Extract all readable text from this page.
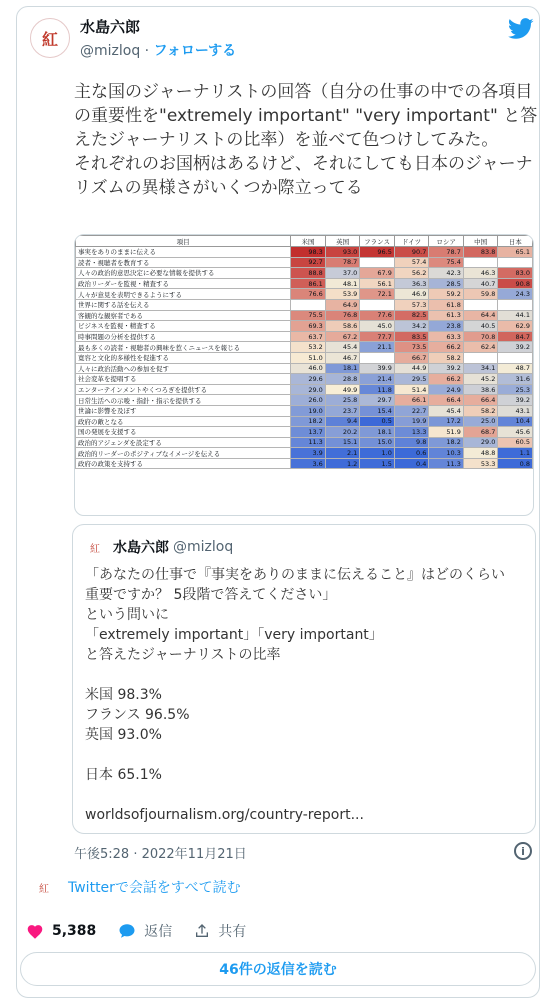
紅
水島六郎
@mizloq · フォローする
主な国のジャーナリストの回答（自分の仕事の中での各項目の重要性を"extremely important" "very important" と答えたジャーナリストの比率）を並べて色つけしてみた。
それぞれのお国柄はあるけど、それにしても日本のジャーナリズムの異様さがいくつか際立ってる
項目	米国	英国	フランス	ドイツ	ロシア	中国	日本
事実をありのままに伝える	98.3	93.0	96.5	90.7	78.7	83.8	65.1
読者・視聴者を教育する	92.7	78.7		57.4	75.4		
人々の政治的意思決定に必要な情報を提供する	88.8	37.0	67.9	56.2	42.3	46.3	83.0
政治リーダーを監視・精査する	86.1	48.1	56.1	36.3	28.5	40.7	90.8
人々が意見を表明できるようにする	76.6	53.9	72.1	46.9	59.2	59.8	24.3
世界に関する話を伝える		64.9		57.3	61.8		
客観的な観察者である	75.5	76.8	77.6	82.5	61.3	64.4	44.1
ビジネスを監視・精査する	69.3	58.6	45.0	34.2	23.8	40.5	62.9
時事問題の分析を提供する	63.7	67.2	77.7	83.5	63.3	70.8	84.7
最も多くの読者・視聴者の興味を惹くニュースを報じる	53.2	45.4	21.1	73.5	66.2	62.4	39.2
寛容と文化的多様性を促進する	51.0	46.7		66.7	58.2		
人々に政治活動への参加を促す	46.0	18.1	39.9	44.9	39.2	34.1	48.7
社会変革を提唱する	29.6	28.8	21.4	29.5	66.2	45.2	31.6
エンターテインメントやくつろぎを提供する	29.0	49.9	11.8	51.4	24.9	38.6	25.3
日常生活への示唆・指針・指示を提供する	26.0	25.8	29.7	66.1	66.4	66.4	39.2
世論に影響を及ぼす	19.0	23.7	15.4	22.7	45.4	58.2	43.1
政府の敵となる	18.2	9.4	0.5	19.9	17.2	25.0	10.4
国の発展を支援する	13.7	20.2	18.1	13.3	51.9	68.7	45.6
政治的アジェンダを設定する	11.3	15.1	15.0	9.8	18.2	29.0	60.5
政治的リーダーのポジティブなイメージを伝える	3.9	2.1	1.0	0.6	10.3	48.8	1.1
政府の政策を支持する	3.6	1.2	1.5	0.4	11.3	53.3	0.8
紅 水島六郎 @mizloq
「あなたの仕事で『事実をありのままに伝えること』はどのくらい重要ですか？ 5段階で答えてください」
という問いに
「extremely important」「very important」
と答えたジャーナリストの比率

米国 98.3%
フランス 96.5%
英国 93.0%

日本 65.1%

worldsofjournalism.org/country-report...
午後5:28 · 2022年11月21日	i
紅	Twitterで会話をすべて読む
5,388	返信	共有
46件の返信を読む
